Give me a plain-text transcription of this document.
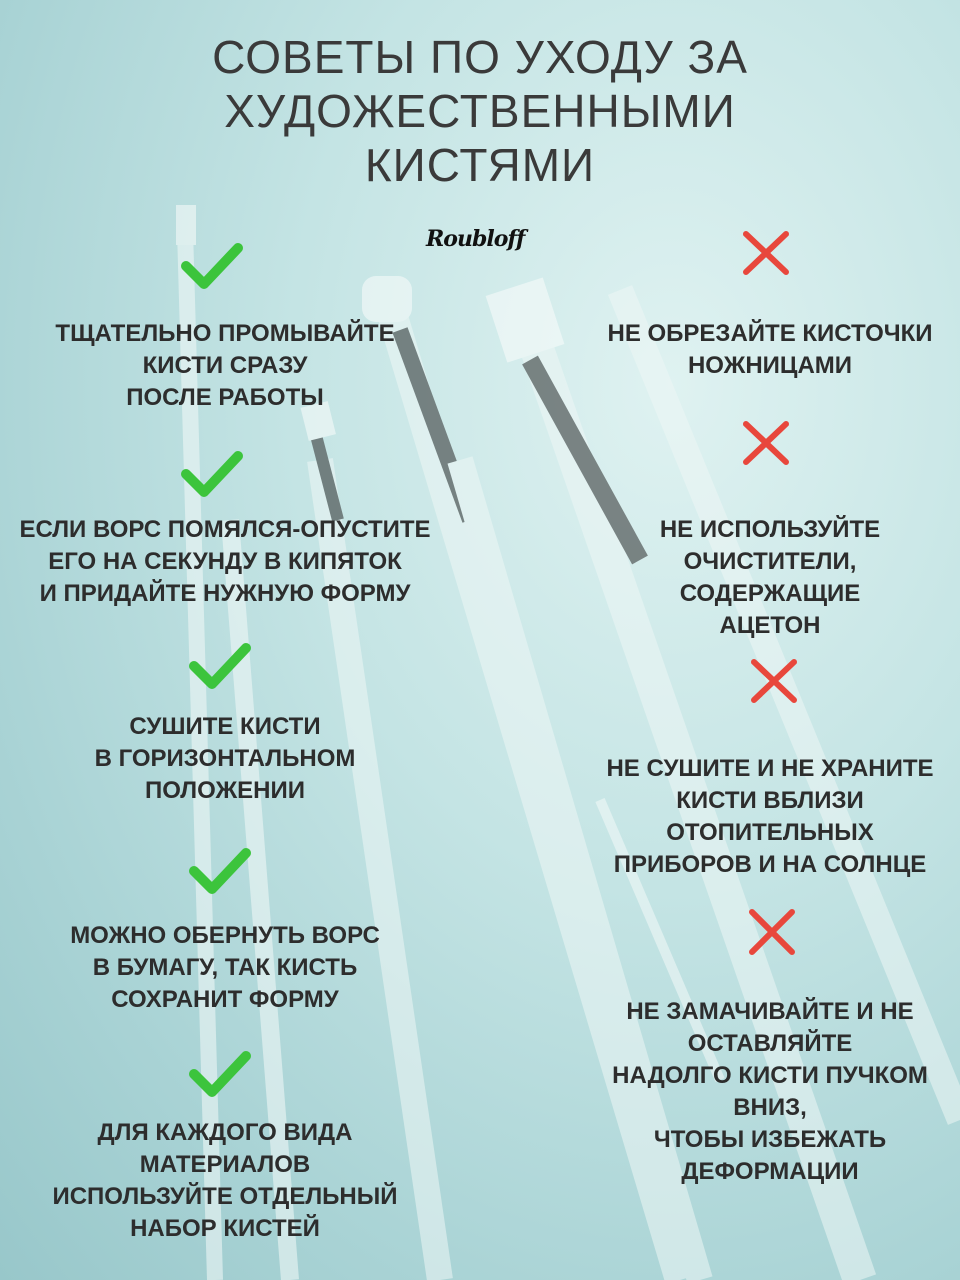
СОВЕТЫ ПО УХОДУ ЗА
ХУДОЖЕСТВЕННЫМИ
КИСТЯМИ
Roubloff
ТЩАТЕЛЬНО ПРОМЫВАЙТЕ
КИСТИ СРАЗУ
ПОСЛЕ РАБОТЫ
ЕСЛИ ВОРС ПОМЯЛСЯ-ОПУСТИТЕ
ЕГО НА СЕКУНДУ В КИПЯТОК
И ПРИДАЙТЕ НУЖНУЮ ФОРМУ
СУШИТЕ КИСТИ
В ГОРИЗОНТАЛЬНОМ
ПОЛОЖЕНИИ
МОЖНО ОБЕРНУТЬ ВОРС
В БУМАГУ, ТАК КИСТЬ
СОХРАНИТ ФОРМУ
ДЛЯ КАЖДОГО ВИДА
МАТЕРИАЛОВ
ИСПОЛЬЗУЙТЕ ОТДЕЛЬНЫЙ
НАБОР КИСТЕЙ
НЕ ОБРЕЗАЙТЕ КИСТОЧКИ
НОЖНИЦАМИ
НЕ ИСПОЛЬЗУЙТЕ
ОЧИСТИТЕЛИ,
СОДЕРЖАЩИЕ
АЦЕТОН
НЕ СУШИТЕ И НЕ ХРАНИТЕ
КИСТИ ВБЛИЗИ
ОТОПИТЕЛЬНЫХ
ПРИБОРОВ И НА СОЛНЦЕ
НЕ ЗАМАЧИВАЙТЕ И НЕ
ОСТАВЛЯЙТЕ
НАДОЛГО КИСТИ ПУЧКОМ
ВНИЗ,
ЧТОБЫ ИЗБЕЖАТЬ
ДЕФОРМАЦИИ
